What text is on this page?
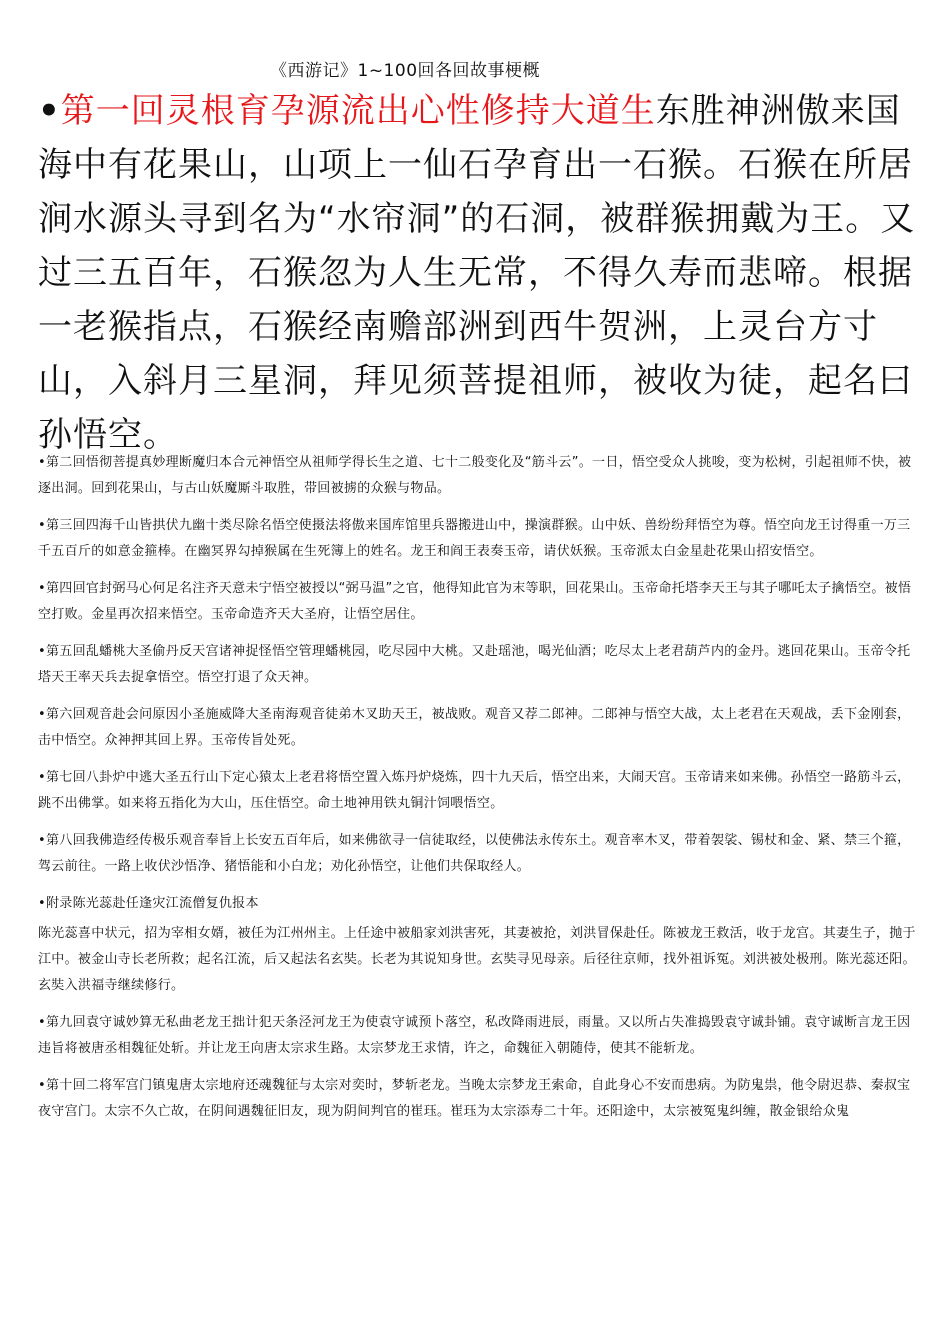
《西游记》1~100回各回故事梗概
•第一回灵根育孕源流出心性修持大道生东胜神洲傲来国海中有花果山，山项上一仙石孕育出一石猴。石猴在所居涧水源头寻到名为“水帘洞”的石洞，被群猴拥戴为王。又过三五百年，石猴忽为人生无常，不得久寿而悲啼。根据一老猴指点，石猴经南赡部洲到西牛贺洲，上灵台方寸山，入斜月三星洞，拜见须菩提祖师，被收为徒，起名曰孙悟空。

•第二回悟彻菩提真妙理断魔归本合元神悟空从祖师学得长生之道、七十二般变化及“筋斗云”。一日，悟空受众人挑唆，变为松树，引起祖师不快，被逐出洞。回到花果山，与古山妖魔厮斗取胜，带回被掳的众猴与物品。

•第三回四海千山皆拱伏九幽十类尽除名悟空使摄法将傲来国库馆里兵器搬进山中，操演群猴。山中妖、兽纷纷拜悟空为尊。悟空向龙王讨得重一万三千五百斤的如意金箍棒。在幽冥界勾掉猴属在生死簿上的姓名。龙王和阎王表奏玉帝，请伏妖猴。玉帝派太白金星赴花果山招安悟空。

•第四回官封弼马心何足名注齐天意未宁悟空被授以“弼马温”之官，他得知此官为末等职，回花果山。玉帝命托塔李天王与其子哪吒太子擒悟空。被悟空打败。金星再次招来悟空。玉帝命造齐天大圣府，让悟空居住。

•第五回乱蟠桃大圣偷丹反天宫诸神捉怪悟空管理蟠桃园，吃尽园中大桃。又赴瑶池，喝光仙酒；吃尽太上老君葫芦内的金丹。逃回花果山。玉帝令托塔天王率天兵去捉拿悟空。悟空打退了众天神。

•第六回观音赴会问原因小圣施威降大圣南海观音徒弟木叉助天王，被战败。观音又荐二郎神。二郎神与悟空大战，太上老君在天观战，丢下金刚套，击中悟空。众神押其回上界。玉帝传旨处死。

•第七回八卦炉中逃大圣五行山下定心猿太上老君将悟空置入炼丹炉烧炼，四十九天后，悟空出来，大闹天宫。玉帝请来如来佛。孙悟空一路筋斗云，跳不出佛掌。如来将五指化为大山，压住悟空。命土地神用铁丸铜汁饲喂悟空。

•第八回我佛造经传极乐观音奉旨上长安五百年后，如来佛欲寻一信徒取经，以使佛法永传东土。观音率木叉，带着袈裟、锡杖和金、紧、禁三个箍，驾云前往。一路上收伏沙悟净、猪悟能和小白龙；劝化孙悟空，让他们共保取经人。

•附录陈光蕊赴任逢灾江流僧复仇报本

陈光蕊喜中状元，招为宰相女婿，被任为江州州主。上任途中被船家刘洪害死，其妻被抢，刘洪冒保赴任。陈被龙王救活，收于龙宫。其妻生子，抛于江中。被金山寺长老所救；起名江流，后又起法名玄奘。长老为其说知身世。玄奘寻见母亲。后径往京师，找外祖诉冤。刘洪被处极刑。陈光蕊还阳。玄奘入洪福寺继续修行。

•第九回袁守诚妙算无私曲老龙王拙计犯天条泾河龙王为使袁守诚预卜落空，私改降雨进辰，雨量。又以所占失准捣毁袁守诚卦铺。袁守诚断言龙王因违旨将被唐丞相魏征处斩。并让龙王向唐太宗求生路。太宗梦龙王求情，许之，命魏征入朝随侍，使其不能斩龙。

•第十回二将军宫门镇鬼唐太宗地府还魂魏征与太宗对奕时，梦斩老龙。当晚太宗梦龙王索命，自此身心不安而患病。为防鬼祟，他令尉迟恭、秦叔宝夜守宫门。太宗不久亡故，在阴间遇魏征旧友，现为阴间判官的崔珏。崔珏为太宗添寿二十年。还阳途中，太宗被冤鬼纠缠，散金银给众鬼
